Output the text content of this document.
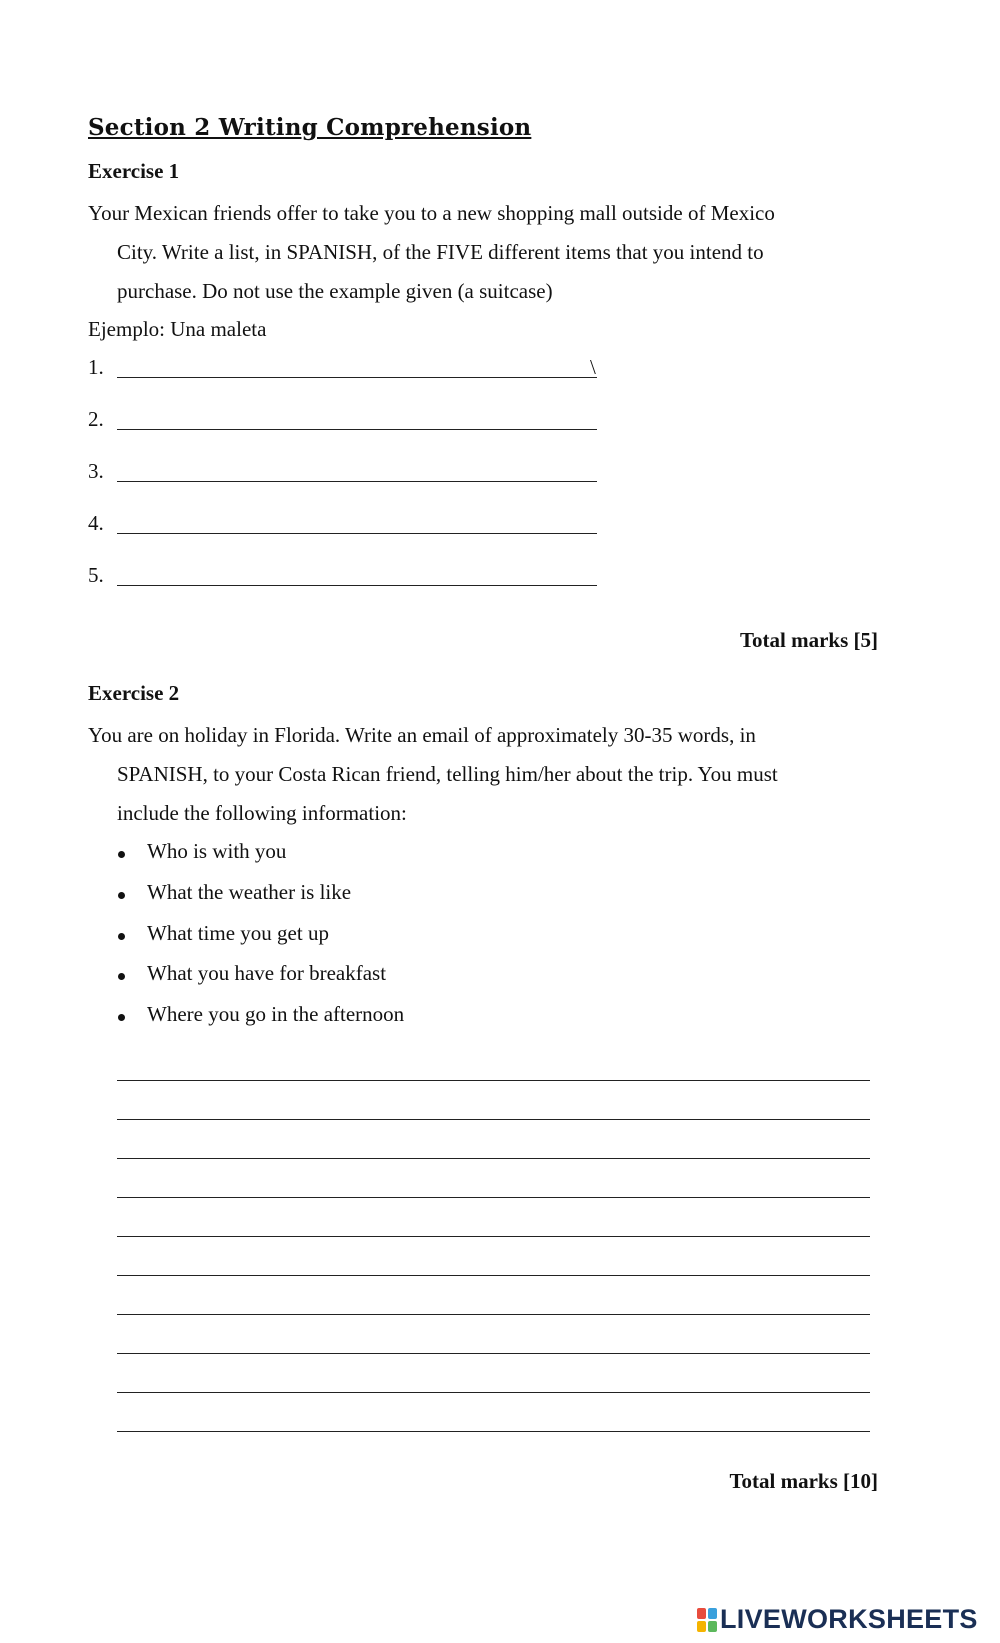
Section 2 Writing Comprehension
Exercise 1
Your Mexican friends offer to take you to a new shopping mall outside of Mexico
City. Write a list, in SPANISH, of the FIVE different items that you intend to
purchase. Do not use the example given (a suitcase)
Ejemplo: Una maleta
1.	\
2.
3.
4.
5.
Total marks [5]
Exercise 2
You are on holiday in Florida. Write an email of approximately 30-35 words, in
SPANISH, to your Costa Rican friend, telling him/her about the trip. You must
include the following information:
Who is with you
What the weather is like
What time you get up
What you have for breakfast
Where you go in the afternoon
Total marks [10]
LIVEWORKSHEETS
